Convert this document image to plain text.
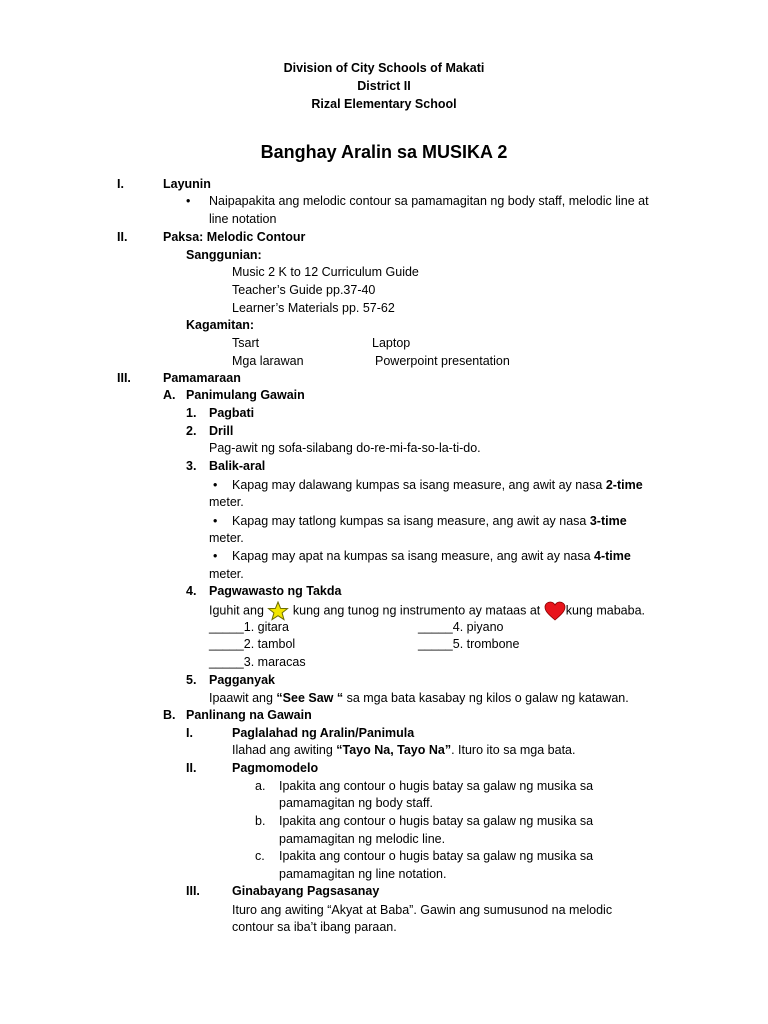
Division of City Schools of Makati
District II
Rizal Elementary School
Banghay Aralin sa MUSIKA 2
I.	Layunin
• Naipapakita ang melodic contour sa pamamagitan ng body staff, melodic line at
line notation
II.	Paksa: Melodic Contour
Sanggunian:
Music 2 K to 12 Curriculum Guide
Teacher’s Guide pp.37-40
Learner’s Materials pp. 57-62
Kagamitan:
Tsart	Laptop
Mga larawan	Powerpoint presentation
III.	Pamamaraan
A. Panimulang Gawain
1. Pagbati
2. Drill
Pag-awit ng sofa-silabang do-re-mi-fa-so-la-ti-do.
3. Balik-aral
• Kapag may dalawang kumpas sa isang measure, ang awit ay nasa 2-time
meter.
• Kapag may tatlong kumpas sa isang measure, ang awit ay nasa 3-time
meter.
• Kapag may apat na kumpas sa isang measure, ang awit ay nasa 4-time
meter.
4. Pagwawasto ng Takda
Iguhit ang kung ang tunog ng instrumento ay mataas at kung mababa.
_____1. gitara	_____4. piyano
_____2. tambol	_____5. trombone
_____3. maracas
5. Pagganyak
Ipaawit ang “See Saw “ sa mga bata kasabay ng kilos o galaw ng katawan.
B. Panlinang na Gawain
I.	Paglalahad ng Aralin/Panimula
Ilahad ang awiting “Tayo Na, Tayo Na”. Ituro ito sa mga bata.
II.	Pagmomodelo
a. Ipakita ang contour o hugis batay sa galaw ng musika sa
pamamagitan ng body staff.
b. Ipakita ang contour o hugis batay sa galaw ng musika sa
pamamagitan ng melodic line.
c. Ipakita ang contour o hugis batay sa galaw ng musika sa
pamamagitan ng line notation.
III.	Ginabayang Pagsasanay
Ituro ang awiting “Akyat at Baba”. Gawin ang sumusunod na melodic
contour sa iba’t ibang paraan.
